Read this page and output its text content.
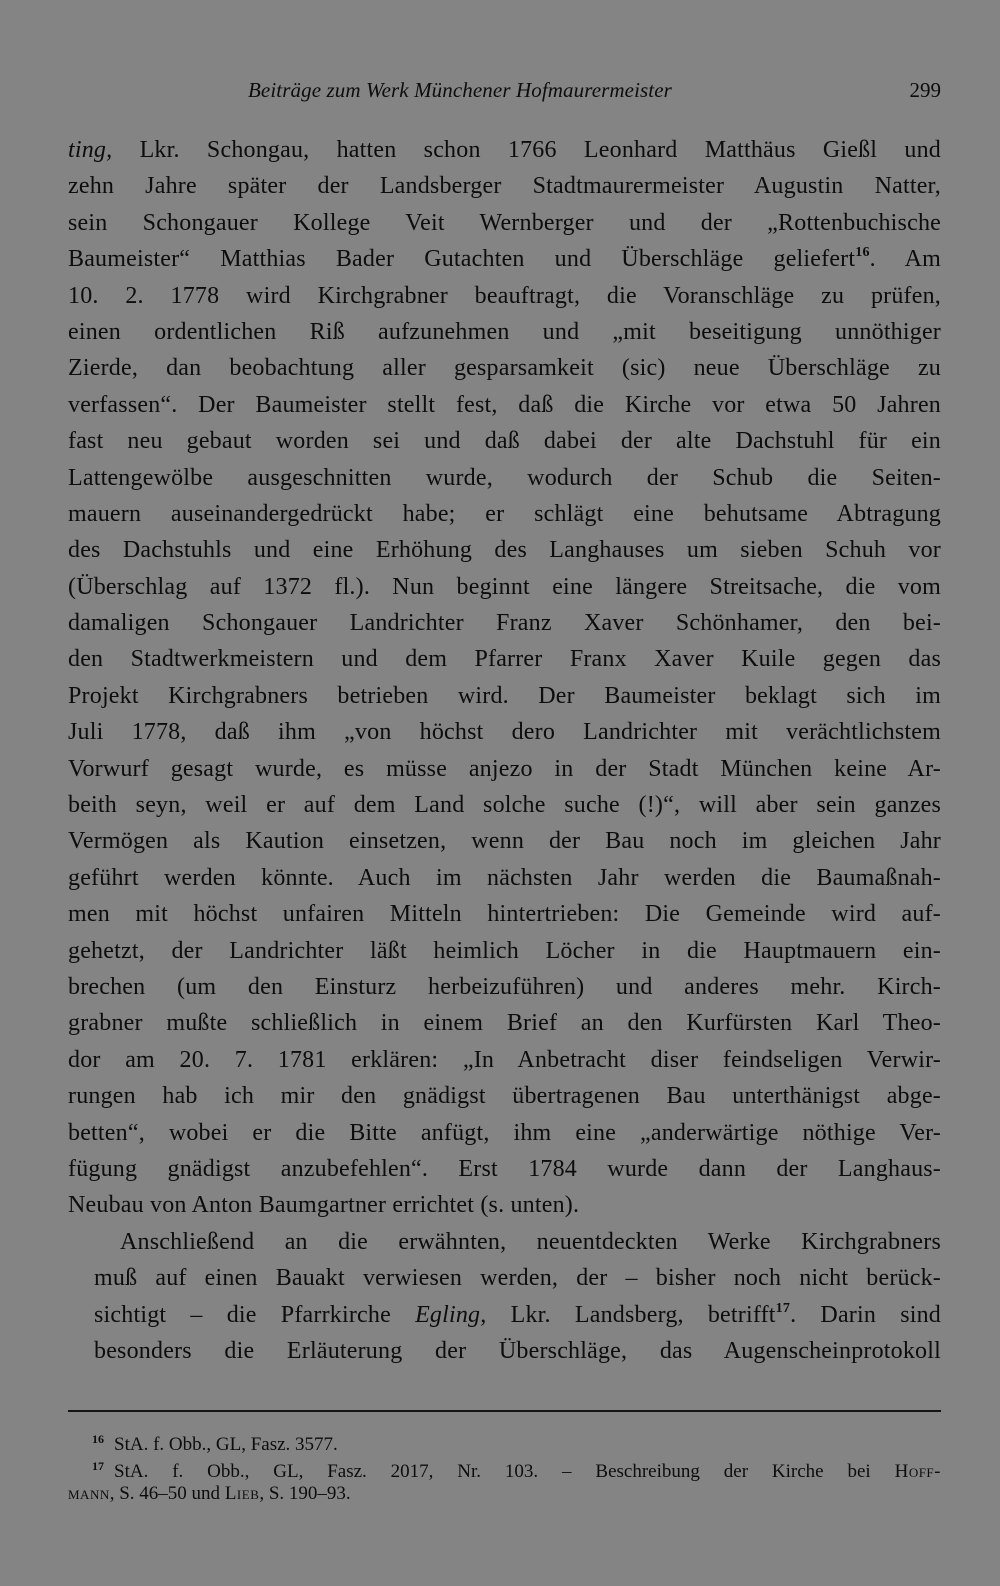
Beiträge zum Werk Münchener Hofmaurermeister	299
ting, Lkr. Schongau, hatten schon 1766 Leonhard Matthäus Gießl und
zehn Jahre später der Landsberger Stadtmaurermeister Augustin Natter,
sein Schongauer Kollege Veit Wernberger und der „Rottenbuchische
Baumeister“ Matthias Bader Gutachten und Überschläge geliefert$^{16}$. Am
10. 2. 1778 wird Kirchgrabner beauftragt, die Voranschläge zu prüfen,
einen ordentlichen Riß aufzunehmen und „mit beseitigung unnöthiger
Zierde, dan beobachtung aller gesparsamkeit (sic) neue Überschläge zu
verfassen“. Der Baumeister stellt fest, daß die Kirche vor etwa 50 Jahren
fast neu gebaut worden sei und daß dabei der alte Dachstuhl für ein
Lattengewölbe ausgeschnitten wurde, wodurch der Schub die Seiten-
mauern auseinandergedrückt habe; er schlägt eine behutsame Abtragung
des Dachstuhls und eine Erhöhung des Langhauses um sieben Schuh vor
(Überschlag auf 1372 fl.). Nun beginnt eine längere Streitsache, die vom
damaligen Schongauer Landrichter Franz Xaver Schönhamer, den bei-
den Stadtwerkmeistern und dem Pfarrer Franx Xaver Kuile gegen das
Projekt Kirchgrabners betrieben wird. Der Baumeister beklagt sich im
Juli 1778, daß ihm „von höchst dero Landrichter mit verächtlichstem
Vorwurf gesagt wurde, es müsse anjezo in der Stadt München keine Ar-
beith seyn, weil er auf dem Land solche suche (!)“, will aber sein ganzes
Vermögen als Kaution einsetzen, wenn der Bau noch im gleichen Jahr
geführt werden könnte. Auch im nächsten Jahr werden die Baumaßnah-
men mit höchst unfairen Mitteln hintertrieben: Die Gemeinde wird auf-
gehetzt, der Landrichter läßt heimlich Löcher in die Hauptmauern ein-
brechen (um den Einsturz herbeizuführen) und anderes mehr. Kirch-
grabner mußte schließlich in einem Brief an den Kurfürsten Karl Theo-
dor am 20. 7. 1781 erklären: „In Anbetracht diser feindseligen Verwir-
rungen hab ich mir den gnädigst übertragenen Bau unterthänigst abge-
betten“, wobei er die Bitte anfügt, ihm eine „anderwärtige nöthige Ver-
fügung gnädigst anzubefehlen“. Erst 1784 wurde dann der Langhaus-
Neubau von Anton Baumgartner errichtet (s. unten).
Anschließend an die erwähnten, neuentdeckten Werke Kirchgrabners
muß auf einen Bauakt verwiesen werden, der – bisher noch nicht berück-
sichtigt – die Pfarrkirche Egling, Lkr. Landsberg, betrifft$^{17}$. Darin sind
besonders die Erläuterung der Überschläge, das Augenscheinprotokoll
$^{16}$ StA. f. Obb., GL, Fasz. 3577.
$^{17}$ StA. f. Obb., GL, Fasz. 2017, Nr. 103. – Beschreibung der Kirche bei Hoff-
mann, S. 46–50 und Lieb, S. 190–93.
